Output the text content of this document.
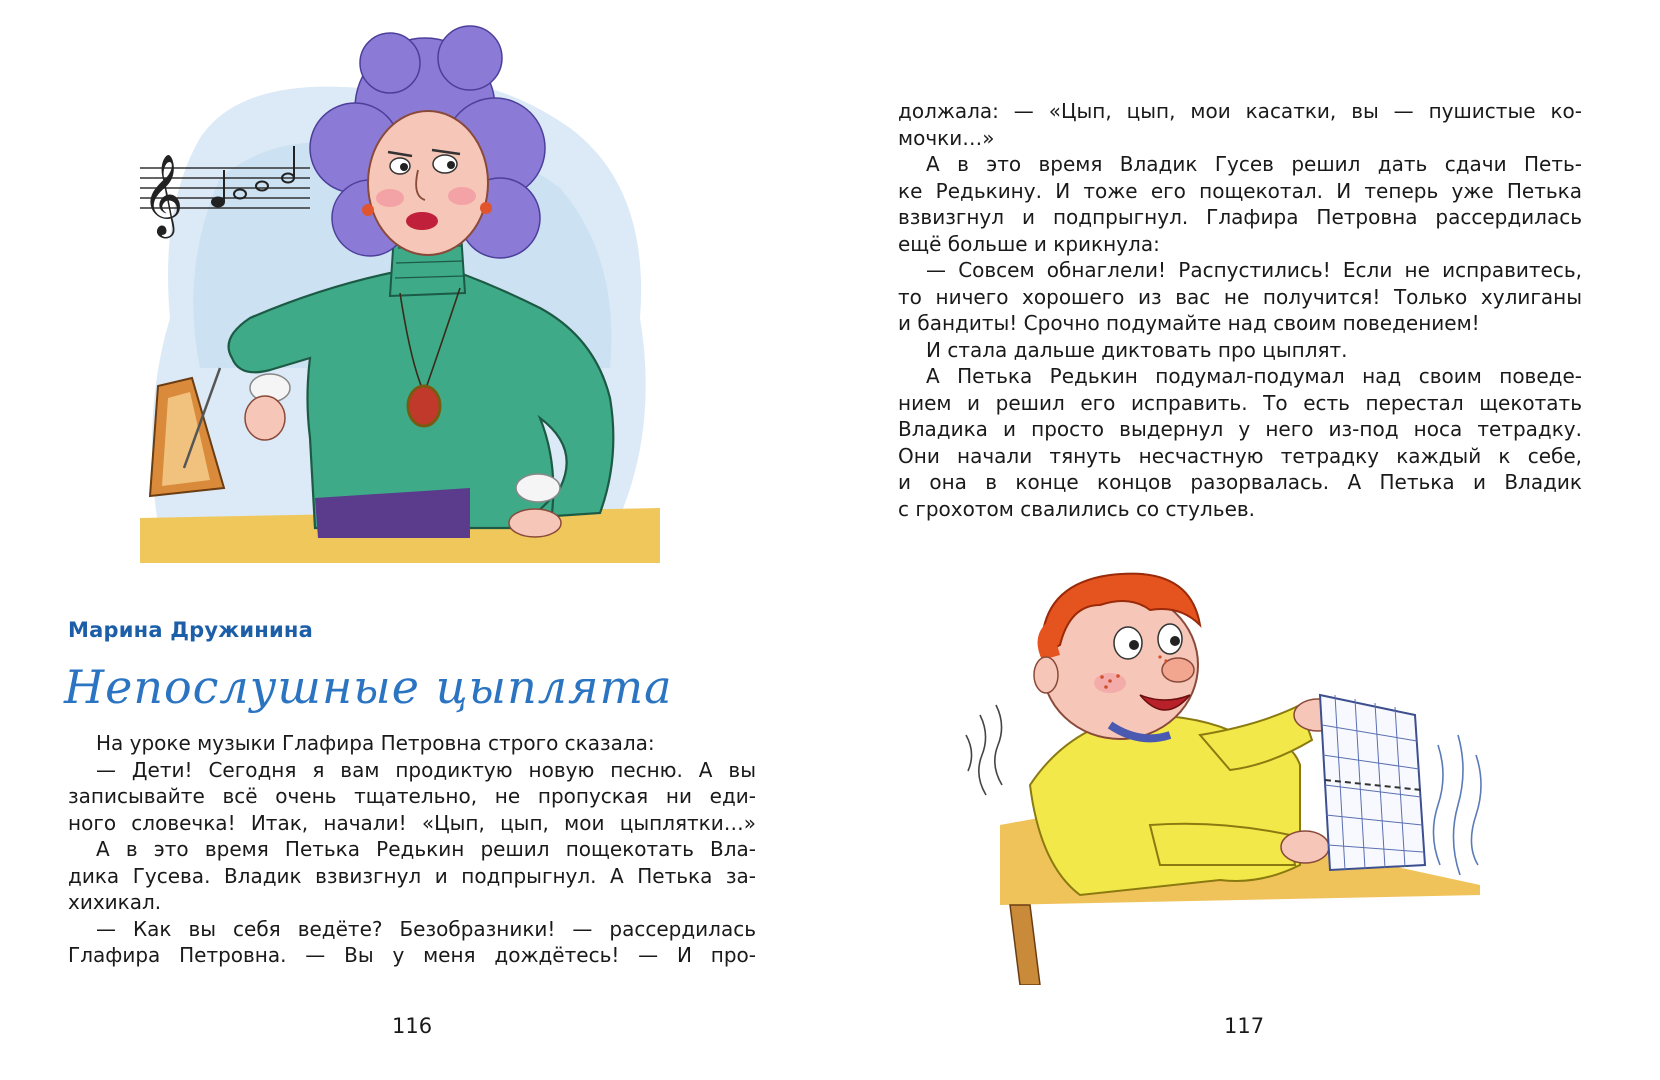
𝄞
Марина Дружинина
Непослушные цыплята

На уроке музыки Глафира Петровна строго сказала:

— Дети! Сегодня я вам продиктую новую песню. А вы

записывайте всё очень тщательно, не пропуская ни еди-

ного словечка! Итак, начали! «Цып, цып, мои цыплятки…»

А в это время Петька Редькин решил пощекотать Вла-

дика Гусева. Владик взвизгнул и подпрыгнул. А Петька за-

хихикал.

— Как вы себя ведёте? Безобразники! — рассердилась

Глафира Петровна. — Вы у меня дождётесь! — И про-

116

должала: — «Цып, цып, мои касатки, вы — пушистые ко-

мочки…»

А в это время Владик Гусев решил дать сдачи Петь-

ке Редькину. И тоже его пощекотал. И теперь уже Петька

взвизгнул и подпрыгнул. Глафира Петровна рассердилась

ещё больше и крикнула:

— Совсем обнаглели! Распустились! Если не исправитесь,

то ничего хорошего из вас не получится! Только хулиганы

и бандиты! Срочно подумайте над своим поведением!

И стала дальше диктовать про цыплят.

А Петька Редькин подумал-подумал над своим поведе-

нием и решил его исправить. То есть перестал щекотать

Владика и просто выдернул у него из-под носа тетрадку.

Они начали тянуть несчастную тетрадку каждый к себе,

и она в конце концов разорвалась. А Петька и Владик

с грохотом свалились со стульев.

117
